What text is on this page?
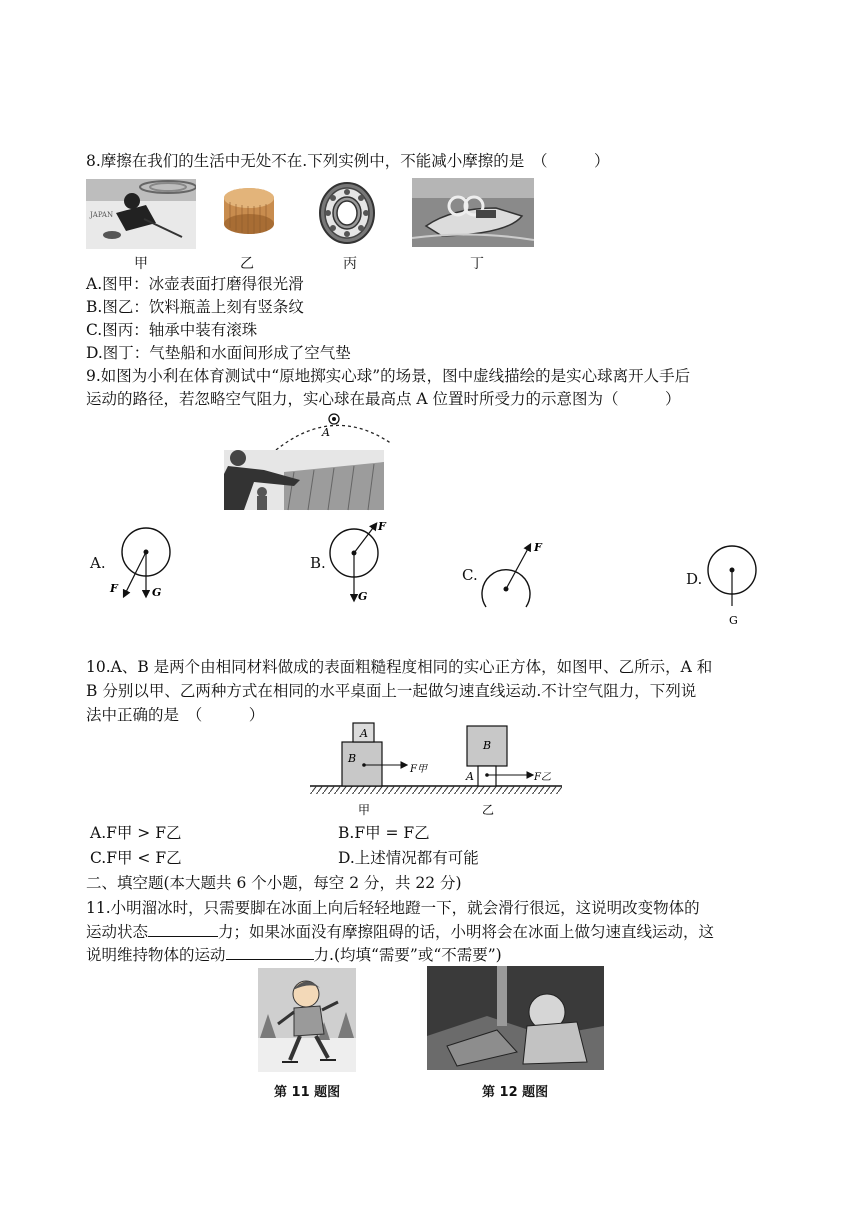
8.摩擦在我们的生活中无处不在.下列实例中，不能减小摩擦的是　（　　　）
JAPAN
甲	乙	丙	丁
A.图甲：冰壶表面打磨得很光滑
B.图乙：饮料瓶盖上刻有竖条纹
C.图丙：轴承中装有滚珠
D.图丁：气垫船和水面间形成了空气垫
9.如图为小利在体育测试中“原地掷实心球”的场景，图中虚线描绘的是实心球离开人手后
运动的路径，若忽略空气阻力，实心球在最高点 A 位置时所受力的示意图为（　　　）
A
A.
F	G
B.
F
G
C.
F
D.
G
10.A、B 是两个由相同材料做成的表面粗糙程度相同的实心正方体，如图甲、乙所示，A 和
B 分别以甲、乙两种方式在相同的水平桌面上一起做匀速直线运动.不计空气阻力，下列说
法中正确的是　（　　　）
A
B
F甲
甲
B
A	F乙
乙
A.F甲 > F乙	B.F甲 = F乙
C.F甲 < F乙	D.上述情况都有可能
二、填空题(本大题共 6 个小题，每空 2 分，共 22 分)
11.小明溜冰时，只需要脚在冰面上向后轻轻地蹬一下，就会滑行很远，这说明改变物体的
运动状态	力；如果冰面没有摩擦阻碍的话，小明将会在冰面上做匀速直线运动，这
说明维持物体的运动	力.(均填“需要”或“不需要”)
第 11 题图	第 12 题图
